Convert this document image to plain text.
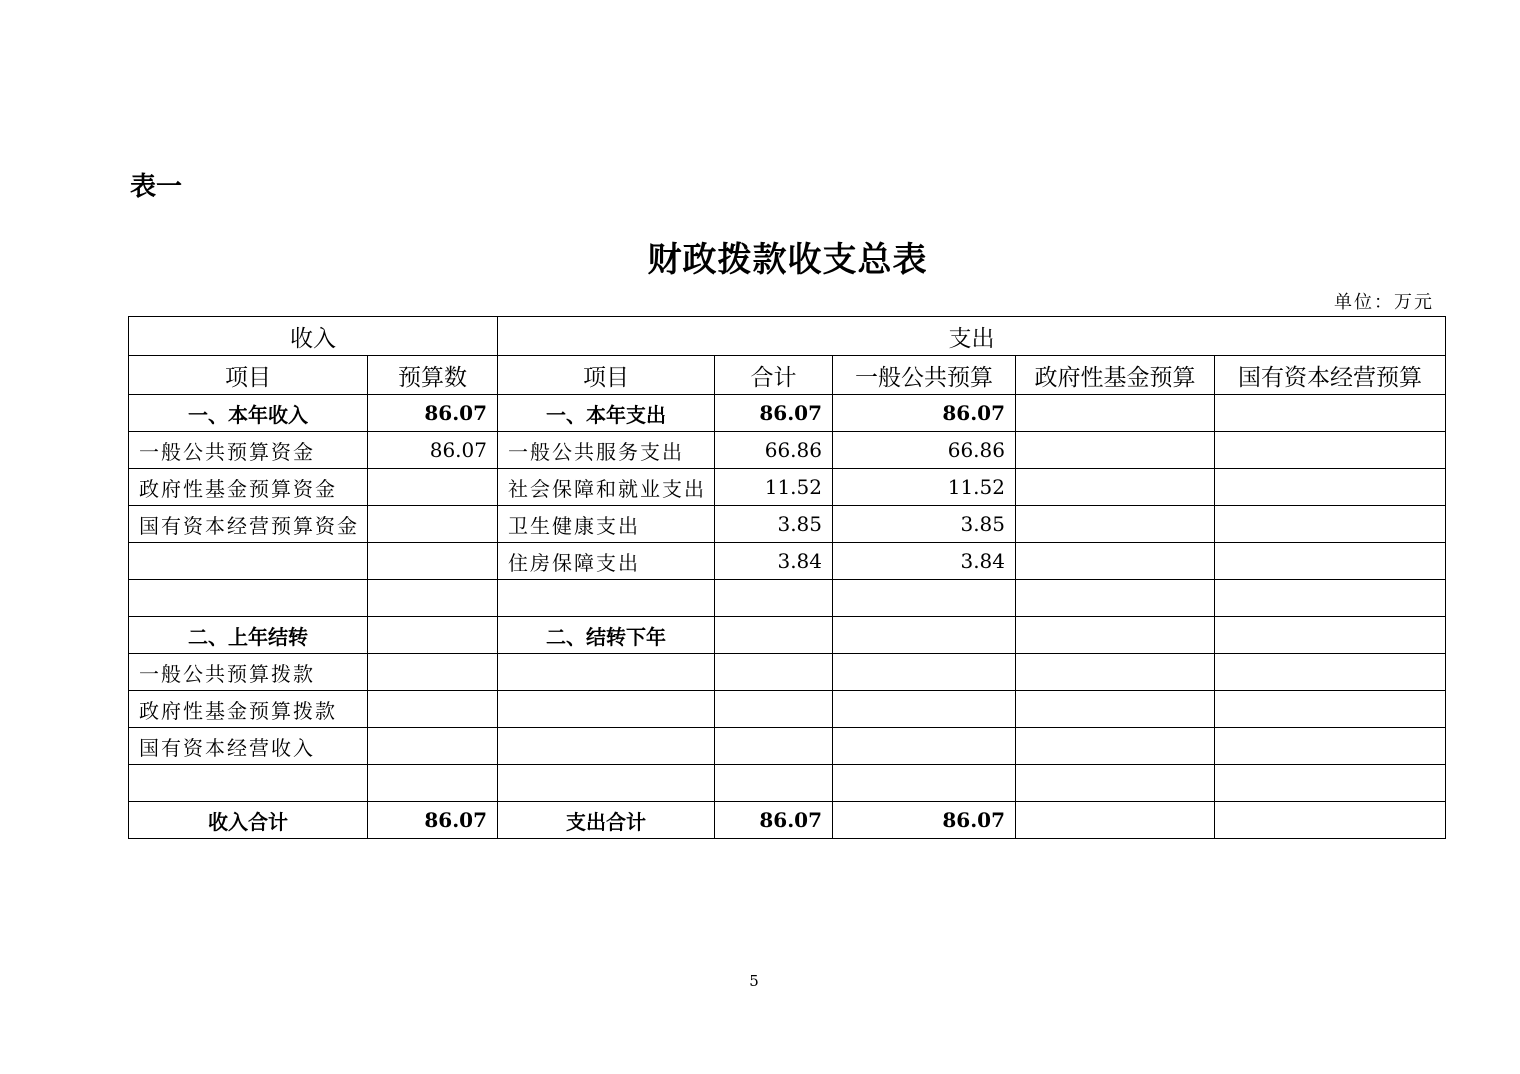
表一
财政拨款收支总表
单位：万元
收入		支出				
项目	预算数	项目	合计	一般公共预算	政府性基金预算	国有资本经营预算
一、本年收入	86.07	一、本年支出	86.07	86.07		
一般公共预算资金	86.07	一般公共服务支出	66.86	66.86		
政府性基金预算资金		社会保障和就业支出	11.52	11.52		
国有资本经营预算资金		卫生健康支出	3.85	3.85		
		住房保障支出	3.84	3.84		

二、上年结转		二、结转下年				
一般公共预算拨款						
政府性基金预算拨款						
国有资本经营收入						

收入合计	86.07	支出合计	86.07	86.07		
5
